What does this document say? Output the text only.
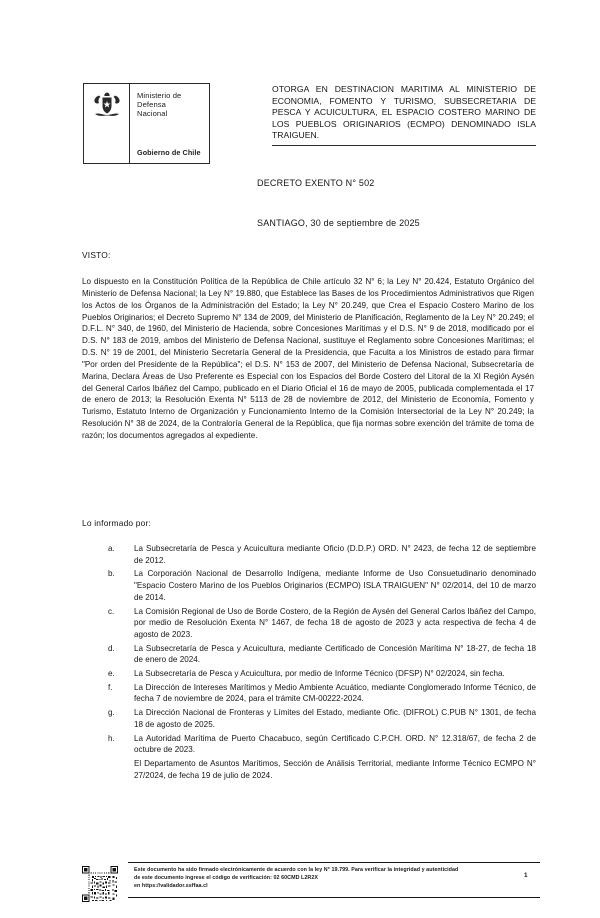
Ministerio de
Defensa
Nacional
Gobierno de Chile

OTORGA EN DESTINACION MARITIMA AL MINISTERIO DE ECONOMIA, FOMENTO Y TURISMO, SUBSECRETARIA DE PESCA Y ACUICULTURA, EL ESPACIO COSTERO MARINO DE LOS PUEBLOS ORIGINARIOS (ECMPO) DENOMINADO ISLA TRAIGUEN.

DECRETO EXENTO N° 502
SANTIAGO, 30 de septiembre de 2025
VISTO:

Lo dispuesto en la Constitución Política de la República de Chile artículo 32 N° 6; la Ley N° 20.424, Estatuto Orgánico del Ministerio de Defensa Nacional; la Ley N° 19.880, que Establece las Bases de los Procedimientos Administrativos que Rigen los Actos de los Órganos de la Administración del Estado; la Ley N° 20.249, que Crea el Espacio Costero Marino de los Pueblos Originarios; el Decreto Supremo N° 134 de 2009, del Ministerio de Planificación, Reglamento de la Ley N° 20.249; el D.F.L. N° 340, de 1960, del Ministerio de Hacienda, sobre Concesiones Marítimas y el D.S. N° 9 de 2018, modificado por el D.S. N° 183 de 2019, ambos del Ministerio de Defensa Nacional, sustituye el Reglamento sobre Concesiones Marítimas; el D.S. N° 19 de 2001, del Ministerio Secretaría General de la Presidencia, que Faculta a los Ministros de estado para firmar "Por orden del Presidente de la República"; el D.S. N° 153 de 2007, del Ministerio de Defensa Nacional, Subsecretaría de Marina, Declara Áreas de Uso Preferente es Especial con los Espacios del Borde Costero del Litoral de la XI Región Aysén del General Carlos Ibáñez del Campo, publicado en el Diario Oficial el 16 de mayo de 2005, publicada complementada el 17 de enero de 2013; la Resolución Exenta N° 5113 de 28 de noviembre de 2012, del Ministerio de Economía, Fomento y Turismo, Estatuto Interno de Organización y Funcionamiento Interno de la Comisión Intersectorial de la Ley N° 20.249; la Resolución N° 38 de 2024, de la Contraloría General de la República, que fija normas sobre exención del trámite de toma de razón; los documentos agregados al expediente.

Lo informado por:
a.	La Subsecretaría de Pesca y Acuicultura mediante Oficio (D.D.P.) ORD. N° 2423, de fecha 12 de septiembre de 2012.
b.	La Corporación Nacional de Desarrollo Indígena, mediante Informe de Uso Consuetudinario denominado "Espacio Costero Marino de los Pueblos Originarios (ECMPO) ISLA TRAIGUEN" N° 02/2014, del 10 de marzo de 2014.
c.	La Comisión Regional de Uso de Borde Costero, de la Región de Aysén del General Carlos Ibáñez del Campo, por medio de Resolución Exenta N° 1467, de fecha 18 de agosto de 2023 y acta respectiva de fecha 4 de agosto de 2023.
d.	La Subsecretaría de Pesca y Acuicultura, mediante Certificado de Concesión Marítima N° 18-27, de fecha 18 de enero de 2024.
e.	La Subsecretaría de Pesca y Acuicultura, por medio de Informe Técnico (DFSP) N° 02/2024, sin fecha.
f.	La Dirección de Intereses Marítimos y Medio Ambiente Acuático, mediante Conglomerado Informe Técnico, de fecha 7 de noviembre de 2024, para el trámite CM-00222-2024.
g.	La Dirección Nacional de Fronteras y Límites del Estado, mediante Ofic. (DIFROL) C.PUB N° 1301, de fecha 18 de agosto de 2025.
h.	La Autoridad Marítima de Puerto Chacabuco, según Certificado C.P.CH. ORD. N° 12.318/67, de fecha 2 de octubre de 2023.
El Departamento de Asuntos Marítimos, Sección de Análisis Territorial, mediante Informe Técnico ECMPO N° 27/2024, de fecha 19 de julio de 2024.
Este documento ha sido firmado electrónicamente de acuerdo con la ley N° 19.799. Para verificar la integridad y autenticidad
de este documento ingrese el código de verificación: 02 60CMD L2R2X
en https://validador.ssffaa.cl
1
